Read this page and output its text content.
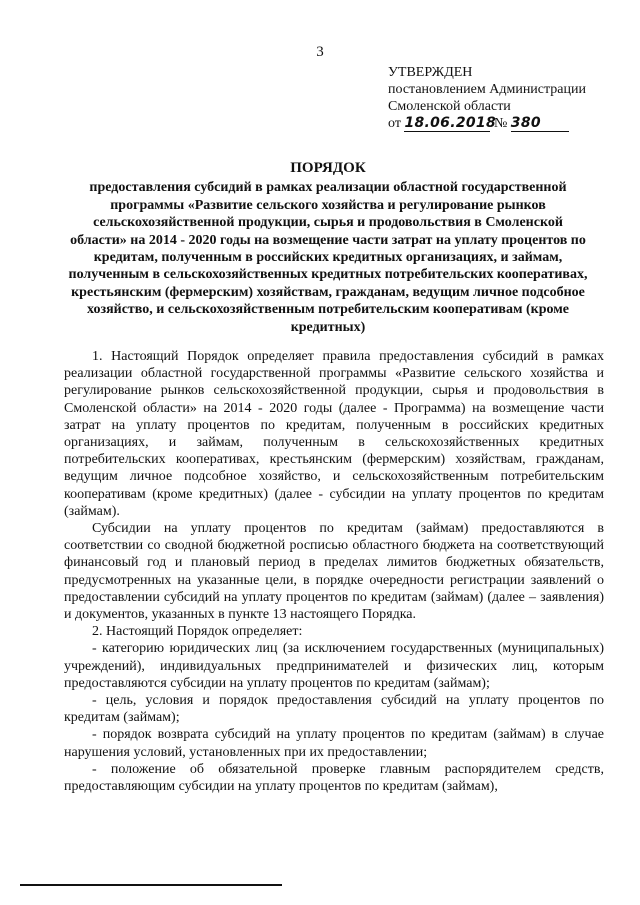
3
УТВЕРЖДЕН
постановлением Администрации
Смоленской области
от 18.06.2018 № 380
ПОРЯДОК
предоставления субсидий в рамках реализации областной государственной программы «Развитие сельского хозяйства и регулирование рынков сельскохозяйственной продукции, сырья и продовольствия в Смоленской области» на 2014 - 2020 годы на возмещение части затрат на уплату процентов по кредитам, полученным в российских кредитных организациях, и займам, полученным в сельскохозяйственных кредитных потребительских кооперативах, крестьянским (фермерским) хозяйствам, гражданам, ведущим личное подсобное хозяйство, и сельскохозяйственным потребительским кооперативам (кроме кредитных)

1. Настоящий Порядок определяет правила предоставления субсидий в рамках реализации областной государственной программы «Развитие сельского хозяйства и регулирование рынков сельскохозяйственной продукции, сырья и продовольствия в Смоленской области» на 2014 - 2020 годы (далее - Программа) на возмещение части затрат на уплату процентов по кредитам, полученным в российских кредитных организациях, и займам, полученным в сельскохозяйственных кредитных потребительских кооперативах, крестьянским (фермерским) хозяйствам, гражданам, ведущим личное подсобное хозяйство, и сельскохозяйственным потребительским кооперативам (кроме кредитных) (далее - субсидии на уплату процентов по кредитам (займам).

Субсидии на уплату процентов по кредитам (займам) предоставляются в соответствии со сводной бюджетной росписью областного бюджета на соответствующий финансовый год и плановый период в пределах лимитов бюджетных обязательств, предусмотренных на указанные цели, в порядке очередности регистрации заявлений о предоставлении субсидий на уплату процентов по кредитам (займам) (далее – заявления) и документов, указанных в пункте 13 настоящего Порядка.

2. Настоящий Порядок определяет:

- категорию юридических лиц (за исключением государственных (муниципальных) учреждений), индивидуальных предпринимателей и физических лиц, которым предоставляются субсидии на уплату процентов по кредитам (займам);

- цель, условия и порядок предоставления субсидий на уплату процентов по кредитам (займам);

- порядок возврата субсидий на уплату процентов по кредитам (займам) в случае нарушения условий, установленных при их предоставлении;

- положение об обязательной проверке главным распорядителем средств, предоставляющим субсидии на уплату процентов по кредитам (займам),
